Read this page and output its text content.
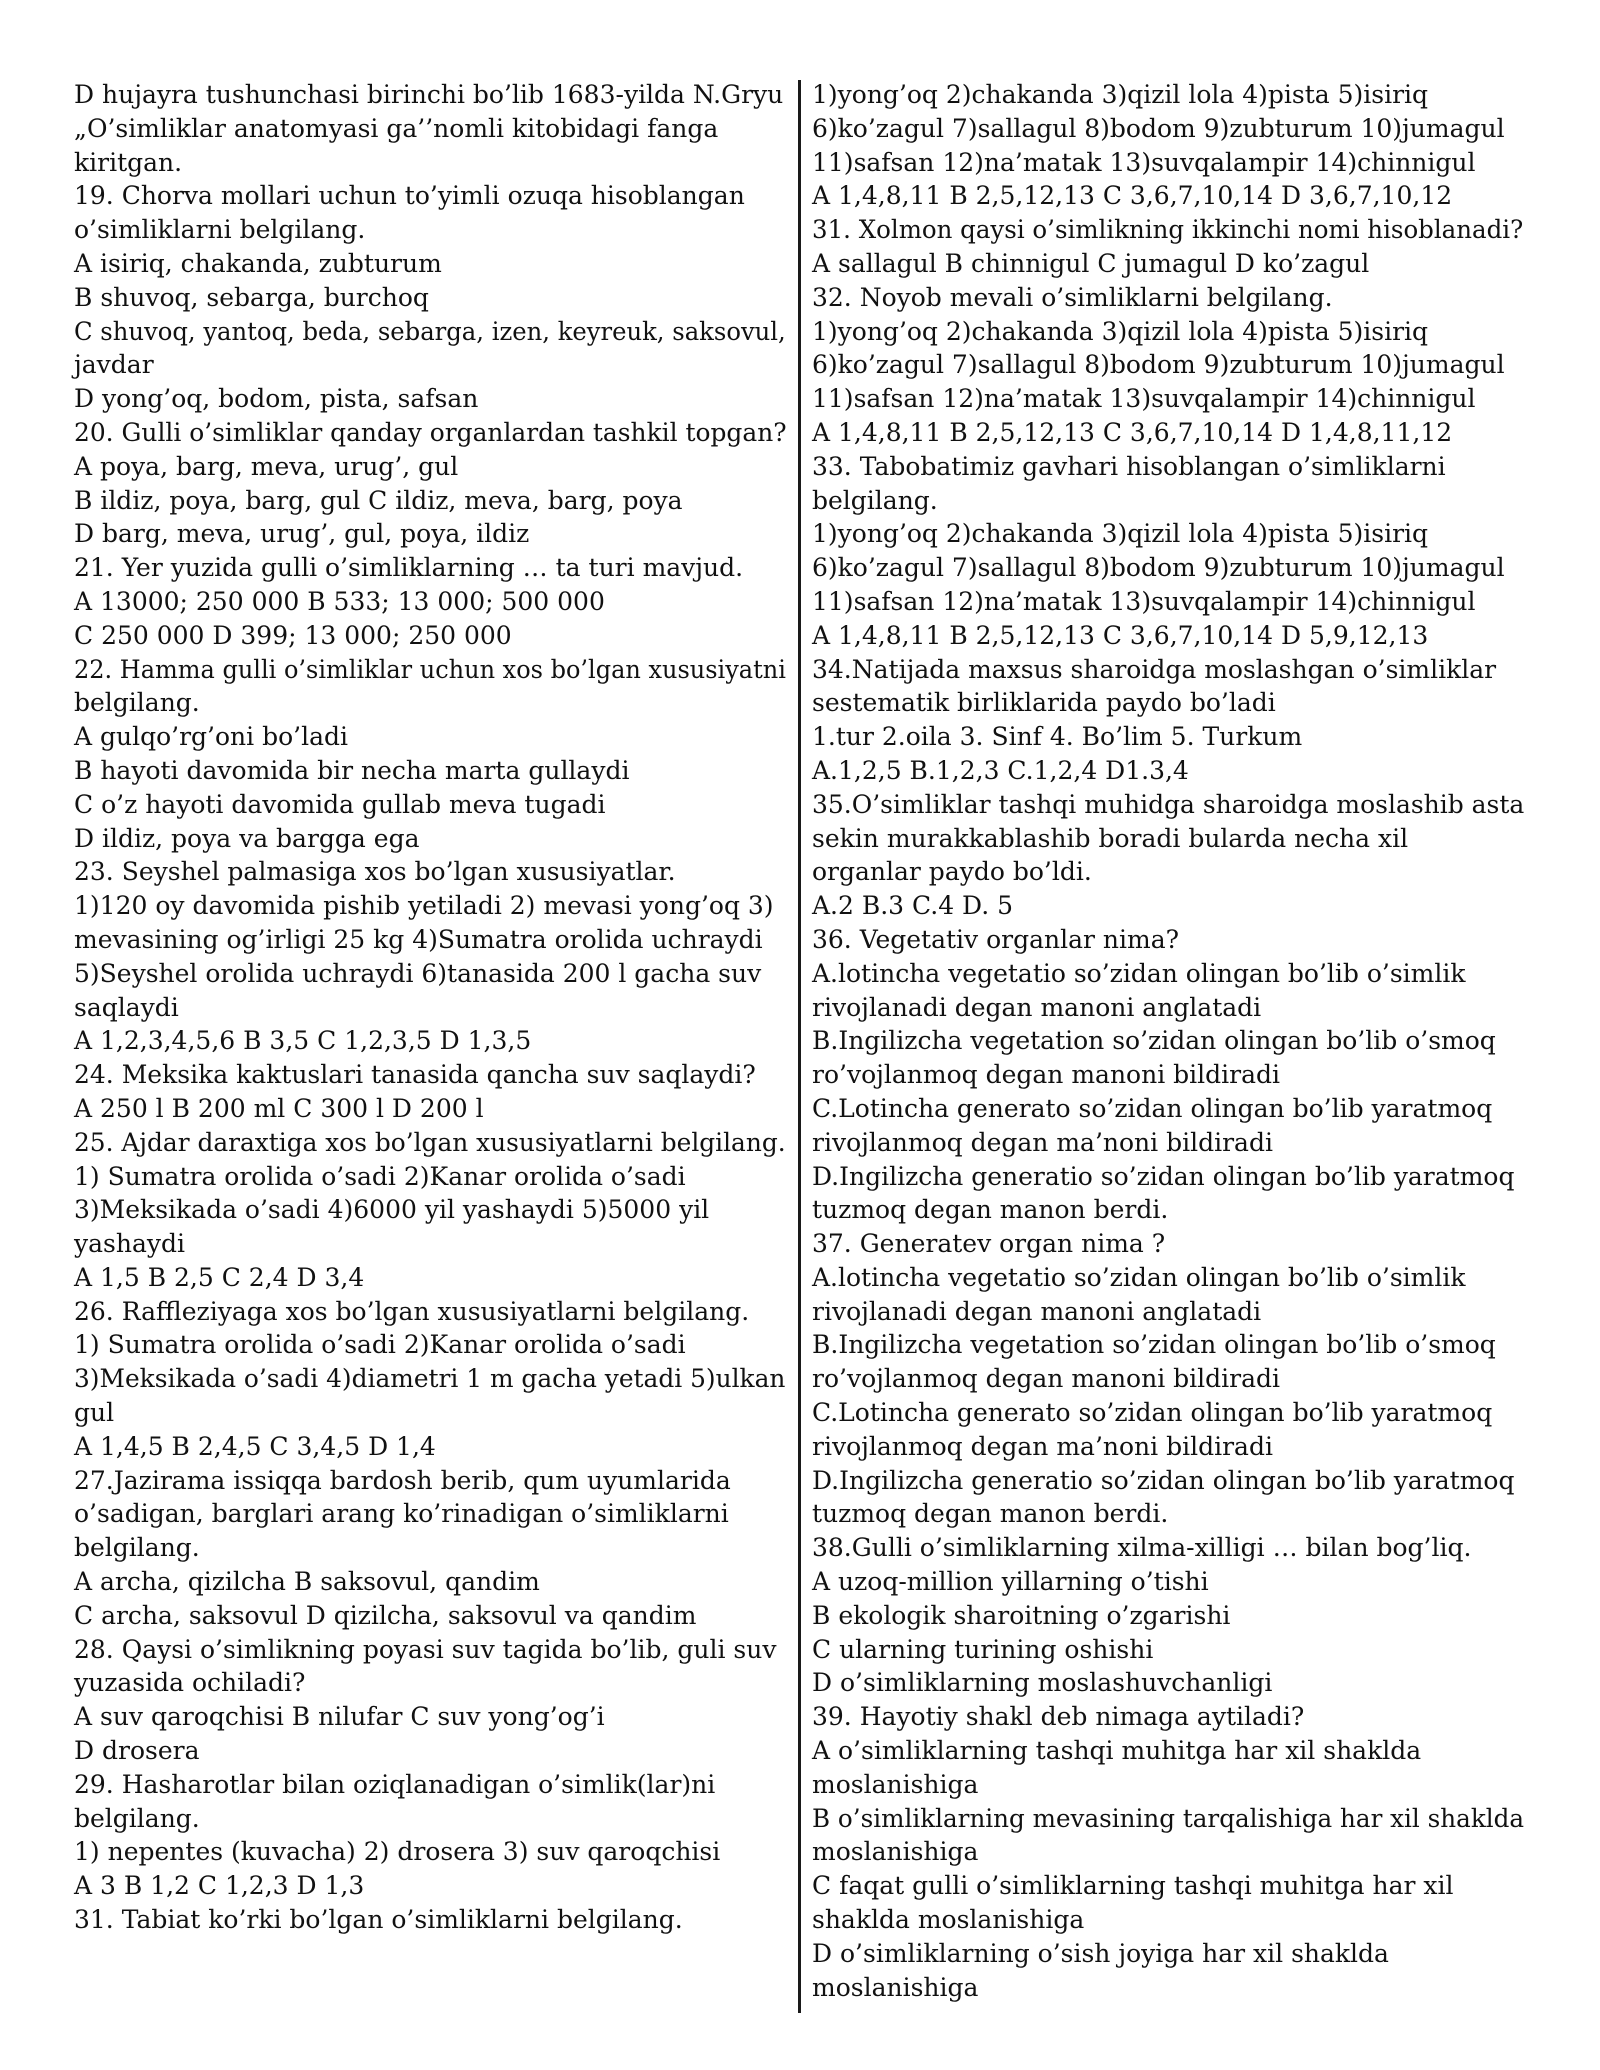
D hujayra tushunchasi birinchi bo’lib 1683-yilda N.Gryu
„O’simliklar anatomyasi ga’’nomli kitobidagi fanga
kiritgan.
19. Chorva mollari uchun to’yimli ozuqa hisoblangan
o’simliklarni belgilang.
A isiriq, chakanda, zubturum
B shuvoq, sebarga, burchoq
C shuvoq, yantoq, beda, sebarga, izen, keyreuk, saksovul,
javdar
D yong’oq, bodom, pista, safsan
20. Gulli o’simliklar qanday organlardan tashkil topgan?
A poya, barg, meva, urug’, gul
B ildiz, poya, barg, gul C ildiz, meva, barg, poya
D barg, meva, urug’, gul, poya, ildiz
21. Yer yuzida gulli o’simliklarning … ta turi mavjud.
A 13000; 250 000 B 533; 13 000; 500 000
C 250 000 D 399; 13 000; 250 000
22. Hamma gulli o’simliklar uchun xos bo’lgan xususiyatni
belgilang.
A gulqo’rg’oni bo’ladi
B hayoti davomida bir necha marta gullaydi
C o’z hayoti davomida gullab meva tugadi
D ildiz, poya va bargga ega
23. Seyshel palmasiga xos bo’lgan xususiyatlar.
1)120 oy davomida pishib yetiladi 2) mevasi yong’oq 3)
mevasining og’irligi 25 kg 4)Sumatra orolida uchraydi
5)Seyshel orolida uchraydi 6)tanasida 200 l gacha suv
saqlaydi
A 1,2,3,4,5,6 B 3,5 C 1,2,3,5 D 1,3,5
24. Meksika kaktuslari tanasida qancha suv saqlaydi?
A 250 l B 200 ml C 300 l D 200 l
25. Ajdar daraxtiga xos bo’lgan xususiyatlarni belgilang.
1) Sumatra orolida o’sadi 2)Kanar orolida o’sadi
3)Meksikada o’sadi 4)6000 yil yashaydi 5)5000 yil
yashaydi
A 1,5 B 2,5 C 2,4 D 3,4
26. Raffleziyaga xos bo’lgan xususiyatlarni belgilang.
1) Sumatra orolida o’sadi 2)Kanar orolida o’sadi
3)Meksikada o’sadi 4)diametri 1 m gacha yetadi 5)ulkan
gul
A 1,4,5 B 2,4,5 C 3,4,5 D 1,4
27.Jazirama issiqqa bardosh berib, qum uyumlarida
o’sadigan, barglari arang ko’rinadigan o’simliklarni
belgilang.
A archa, qizilcha B saksovul, qandim
C archa, saksovul D qizilcha, saksovul va qandim
28. Qaysi o’simlikning poyasi suv tagida bo’lib, guli suv
yuzasida ochiladi?
A suv qaroqchisi B nilufar C suv yong’og’i
D drosera
29. Hasharotlar bilan oziqlanadigan o’simlik(lar)ni
belgilang.
1) nepentes (kuvacha) 2) drosera 3) suv qaroqchisi
A 3 B 1,2 C 1,2,3 D 1,3
31. Tabiat ko’rki bo’lgan o’simliklarni belgilang.
1)yong’oq 2)chakanda 3)qizil lola 4)pista 5)isiriq
6)ko’zagul 7)sallagul 8)bodom 9)zubturum 10)jumagul
11)safsan 12)na’matak 13)suvqalampir 14)chinnigul
A 1,4,8,11 B 2,5,12,13 C 3,6,7,10,14 D 3,6,7,10,12
31. Xolmon qaysi o’simlikning ikkinchi nomi hisoblanadi?
A sallagul B chinnigul C jumagul D ko’zagul
32. Noyob mevali o’simliklarni belgilang.
1)yong’oq 2)chakanda 3)qizil lola 4)pista 5)isiriq
6)ko’zagul 7)sallagul 8)bodom 9)zubturum 10)jumagul
11)safsan 12)na’matak 13)suvqalampir 14)chinnigul
A 1,4,8,11 B 2,5,12,13 C 3,6,7,10,14 D 1,4,8,11,12
33. Tabobatimiz gavhari hisoblangan o’simliklarni
belgilang.
1)yong’oq 2)chakanda 3)qizil lola 4)pista 5)isiriq
6)ko’zagul 7)sallagul 8)bodom 9)zubturum 10)jumagul
11)safsan 12)na’matak 13)suvqalampir 14)chinnigul
A 1,4,8,11 B 2,5,12,13 C 3,6,7,10,14 D 5,9,12,13
34.Natijada maxsus sharoidga moslashgan o’simliklar
sestematik birliklarida paydo bo’ladi
1.tur 2.oila 3. Sinf 4. Bo’lim 5. Turkum
A.1,2,5 B.1,2,3 C.1,2,4 D1.3,4
35.O’simliklar tashqi muhidga sharoidga moslashib asta
sekin murakkablashib boradi bularda necha xil
organlar paydo bo’ldi.
A.2 B.3 C.4 D. 5
36. Vegetativ organlar nima?
A.lotincha vegetatio so’zidan olingan bo’lib o’simlik
rivojlanadi degan manoni anglatadi
B.Ingilizcha vegetation so’zidan olingan bo’lib o’smoq
ro’vojlanmoq degan manoni bildiradi
C.Lotincha generato so’zidan olingan bo’lib yaratmoq
rivojlanmoq degan ma’noni bildiradi
D.Ingilizcha generatio so’zidan olingan bo’lib yaratmoq
tuzmoq degan manon berdi.
37. Generatev organ nima ?
A.lotincha vegetatio so’zidan olingan bo’lib o’simlik
rivojlanadi degan manoni anglatadi
B.Ingilizcha vegetation so’zidan olingan bo’lib o’smoq
ro’vojlanmoq degan manoni bildiradi
C.Lotincha generato so’zidan olingan bo’lib yaratmoq
rivojlanmoq degan ma’noni bildiradi
D.Ingilizcha generatio so’zidan olingan bo’lib yaratmoq
tuzmoq degan manon berdi.
38.Gulli o’simliklarning xilma-xilligi … bilan bog’liq.
A uzoq-million yillarning o’tishi
B ekologik sharoitning o’zgarishi
C ularning turining oshishi
D o’simliklarning moslashuvchanligi
39. Hayotiy shakl deb nimaga aytiladi?
A o’simliklarning tashqi muhitga har xil shaklda
moslanishiga
B o’simliklarning mevasining tarqalishiga har xil shaklda
moslanishiga
C faqat gulli o’simliklarning tashqi muhitga har xil
shaklda moslanishiga
D o’simliklarning o’sish joyiga har xil shaklda
moslanishiga
